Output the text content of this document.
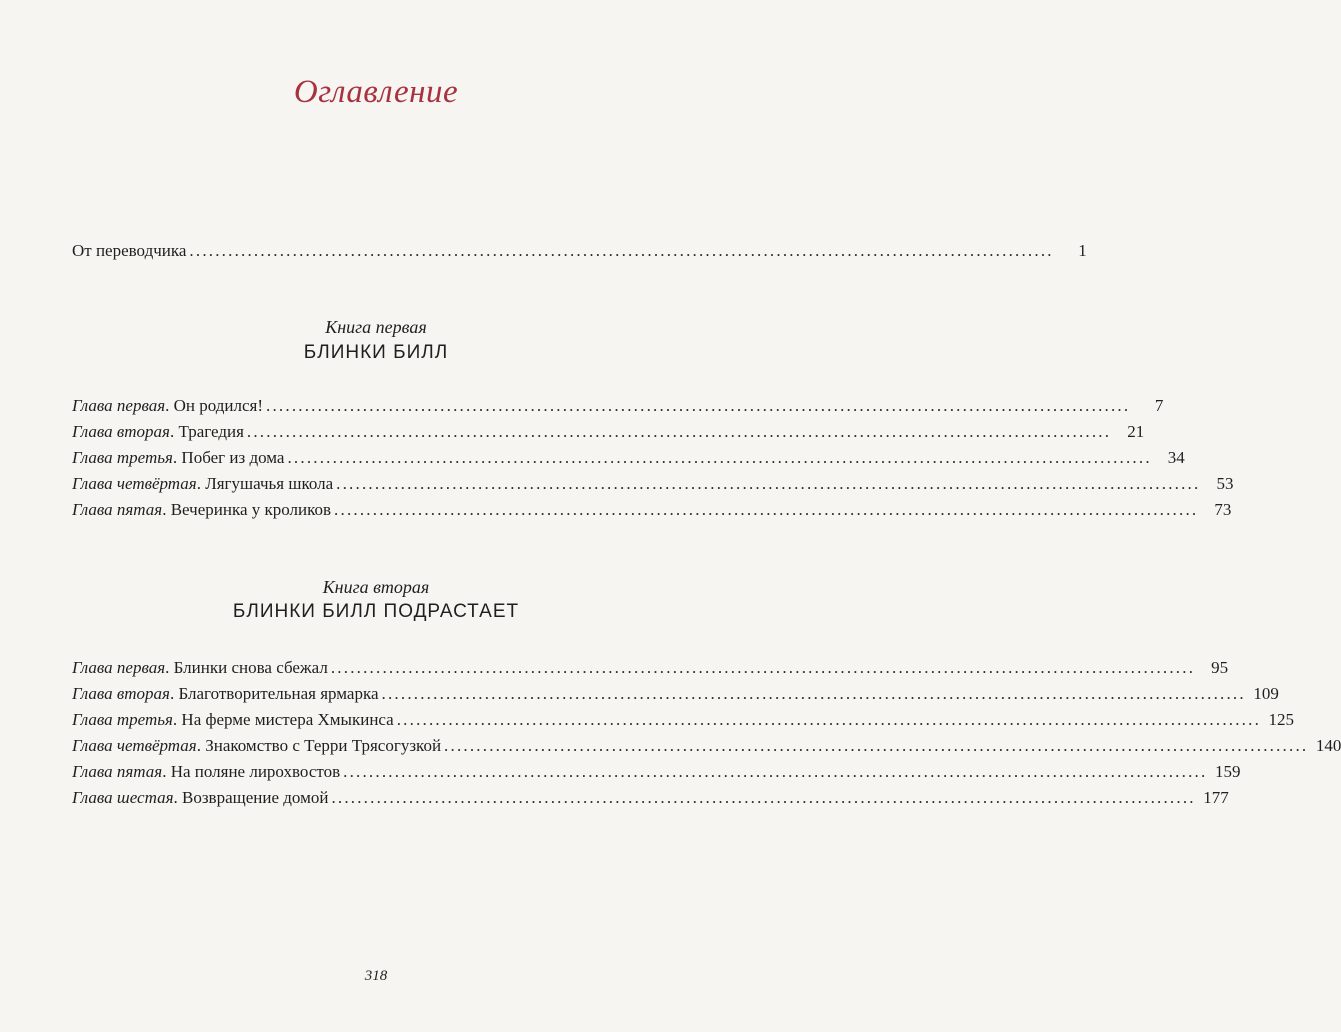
Оглавление
От переводчика ......................................................................................................................................	1
Книга первая
БЛИНКИ БИЛЛ
Глава первая . Он родился! ......................................................................................................................................	7
Глава вторая . Трагедия ...................................................................................................................................... 21
Глава третья . Побег из дома ...................................................................................................................................... 34
Глава четвёртая . Лягушачья школа ...................................................................................................................................... 53
Глава пятая . Вечеринка у кроликов ...................................................................................................................................... 73
Книга вторая
БЛИНКИ БИЛЛ ПОДРАСТАЕТ
Глава первая . Блинки снова сбежал ...................................................................................................................................... 95
Глава вторая . Благотворительная ярмарка ...................................................................................................................................... 109
Глава третья . На ферме мистера Хмыкинса ...................................................................................................................................... 125
Глава четвёртая . Знакомство с Терри Трясогузкой ...................................................................................................................................... 140
Глава пятая . На поляне лирохвостов ...................................................................................................................................... 159
Глава шестая . Возвращение домой ...................................................................................................................................... 177
318
